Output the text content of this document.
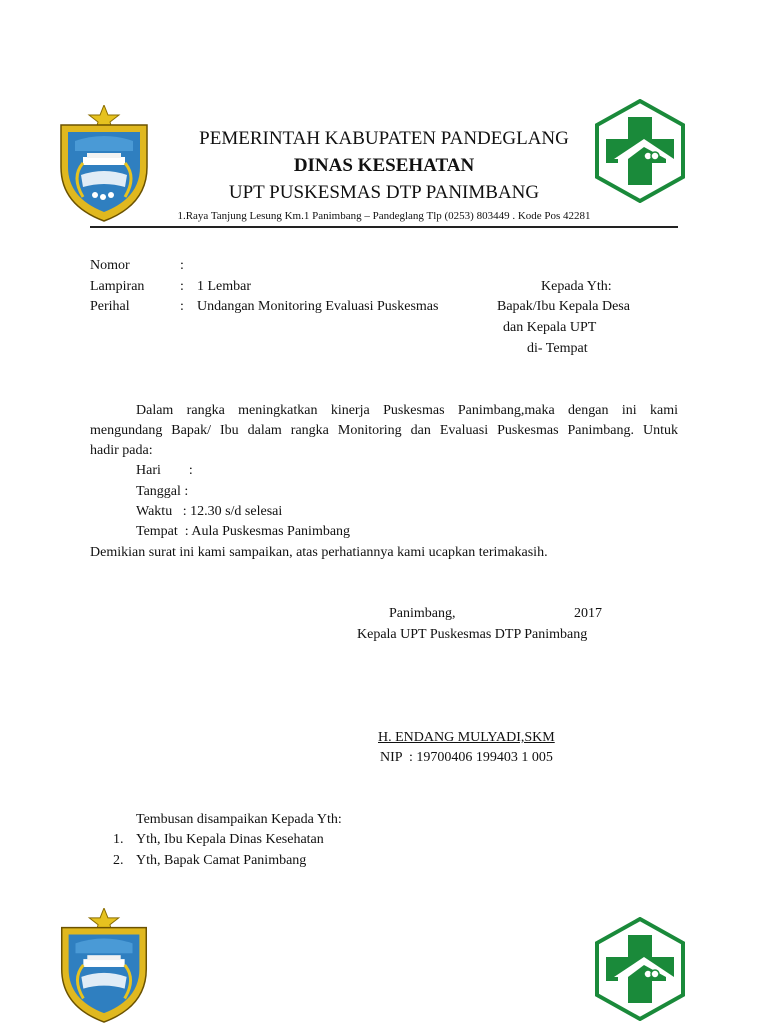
PEMERINTAH KABUPATEN PANDEGLANG
DINAS KESEHATAN
UPT PUSKESMAS DTP PANIMBANG
1.Raya Tanjung Lesung Km.1 Panimbang – Pandeglang Tlp (0253) 803449 . Kode Pos 42281
Nomor	:
Lampiran	: 1 Lembar
Perihal	: Undangan Monitoring Evaluasi Puskesmas
Kepada Yth:
Bapak/Ibu Kepala Desa
dan Kepala UPT
di- Tempat
Dalam rangka meningkatkan kinerja Puskesmas Panimbang,maka dengan ini kami
mengundang Bapak/ Ibu dalam rangka Monitoring dan Evaluasi Puskesmas Panimbang. Untuk
hadir pada:
Hari        :
Tanggal :
Waktu   : 12.30 s/d selesai
Tempat  : Aula Puskesmas Panimbang
Demikian surat ini kami sampaikan, atas perhatiannya kami ucapkan terimakasih.
Panimbang,	2017
Kepala UPT Puskesmas DTP Panimbang
H. ENDANG MULYADI,SKM
NIP  : 19700406 199403 1 005
Tembusan disampaikan Kepada Yth:
1. Yth, Ibu Kepala Dinas Kesehatan
2. Yth, Bapak Camat Panimbang
